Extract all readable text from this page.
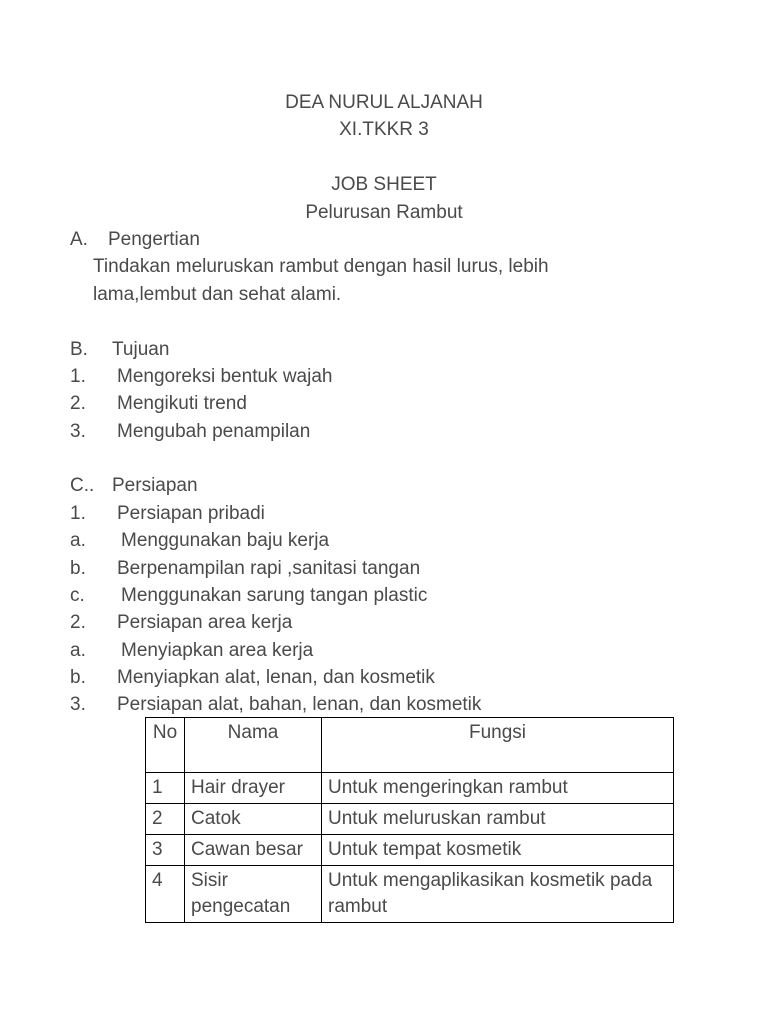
DEA NURUL ALJANAH
XI.TKKR 3
JOB SHEET
Pelurusan Rambut
A. Pengertian
Tindakan meluruskan rambut dengan hasil lurus, lebih
lama,lembut dan sehat alami.
B. Tujuan
1. Mengoreksi bentuk wajah
2. Mengikuti trend
3. Mengubah penampilan
C.. Persiapan
1. Persiapan pribadi
a. Menggunakan baju kerja
b. Berpenampilan rapi ,sanitasi tangan
c. Menggunakan sarung tangan plastic
2. Persiapan area kerja
a. Menyiapkan area kerja
b. Menyiapkan alat, lenan, dan kosmetik
3. Persiapan alat, bahan, lenan, dan kosmetik
No	Nama	Fungsi
1	Hair drayer	Untuk mengeringkan rambut
2	Catok	Untuk meluruskan rambut
3	Cawan besar	Untuk tempat kosmetik
4	Sisir pengecatan	Untuk mengaplikasikan kosmetik pada rambut
